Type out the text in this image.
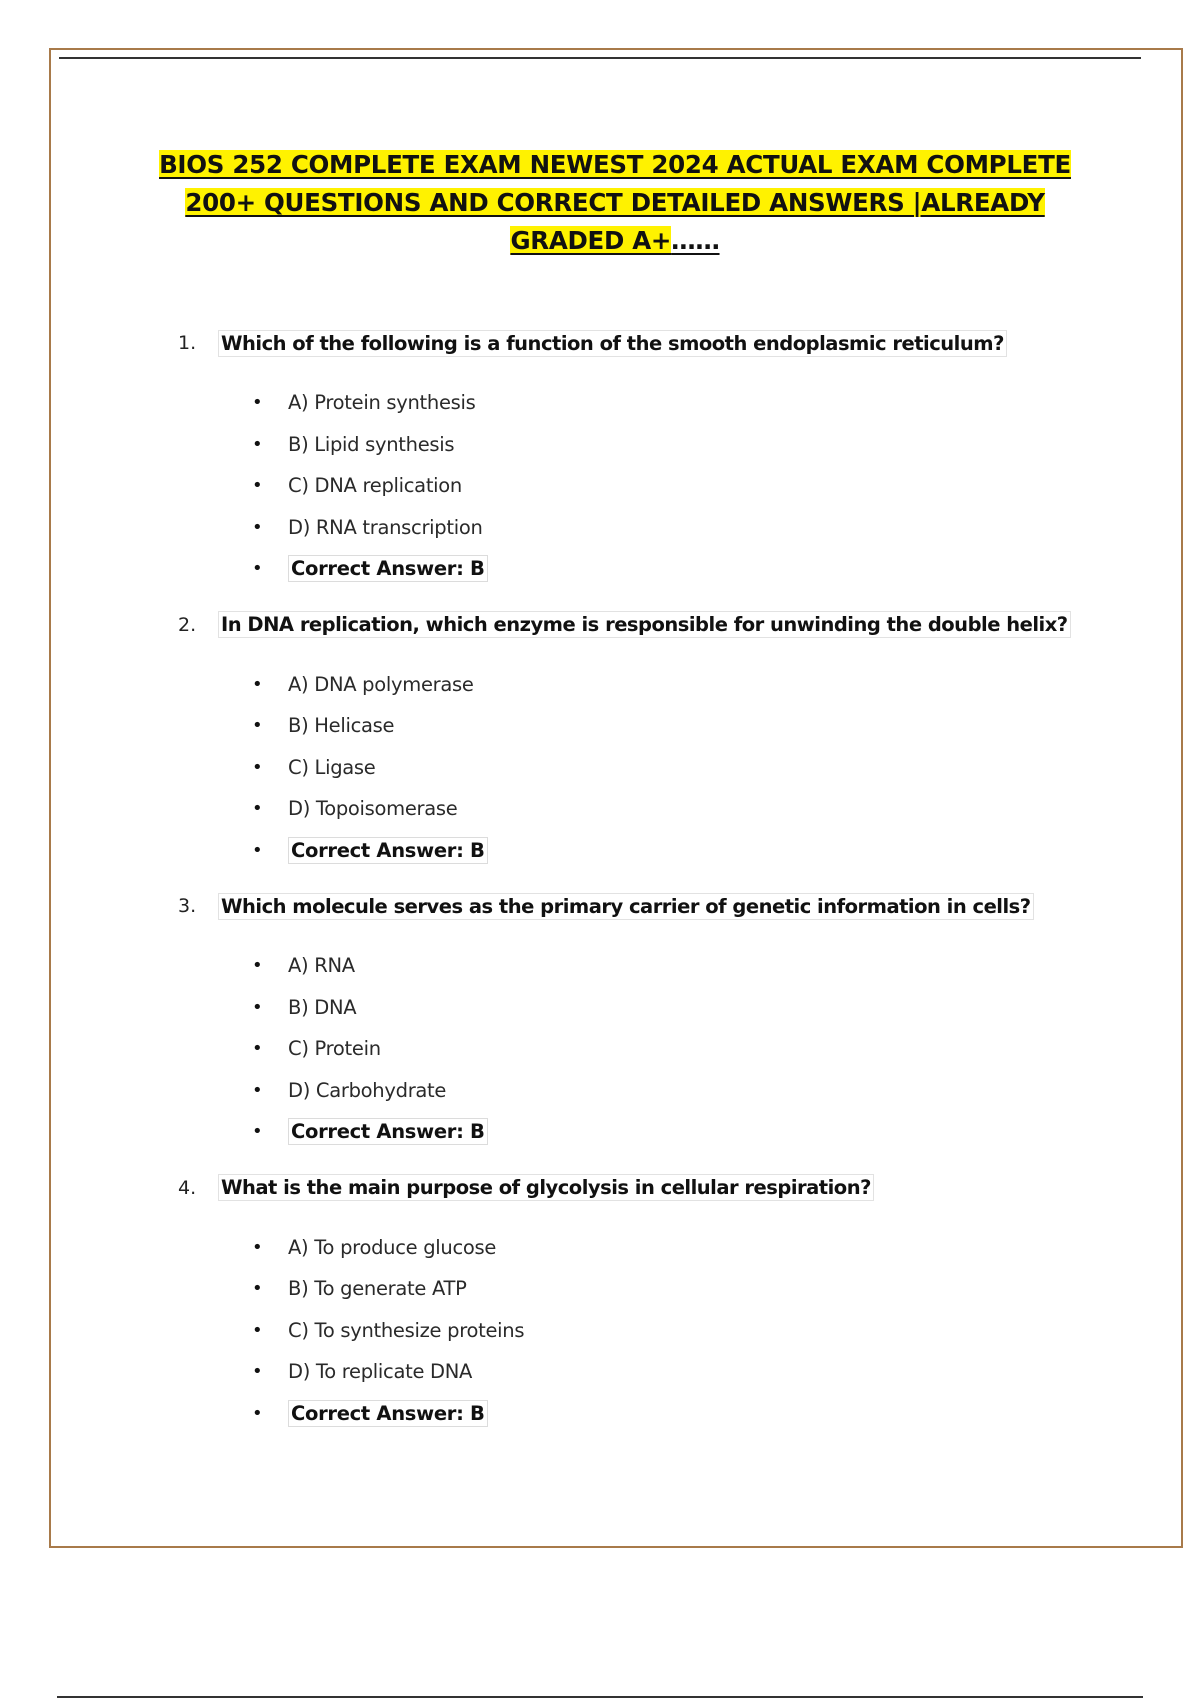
BIOS 252 COMPLETE EXAM NEWEST 2024 ACTUAL EXAM COMPLETE
200+ QUESTIONS AND CORRECT DETAILED ANSWERS |ALREADY
GRADED A+……
1.	Which of the following is a function of the smooth endoplasmic reticulum?
•	A) Protein synthesis
•	B) Lipid synthesis
•	C) DNA replication
•	D) RNA transcription
•	Correct Answer: B
2.	In DNA replication, which enzyme is responsible for unwinding the double helix?
•	A) DNA polymerase
•	B) Helicase
•	C) Ligase
•	D) Topoisomerase
•	Correct Answer: B
3.	Which molecule serves as the primary carrier of genetic information in cells?
•	A) RNA
•	B) DNA
•	C) Protein
•	D) Carbohydrate
•	Correct Answer: B
4.	What is the main purpose of glycolysis in cellular respiration?
•	A) To produce glucose
•	B) To generate ATP
•	C) To synthesize proteins
•	D) To replicate DNA
•	Correct Answer: B
